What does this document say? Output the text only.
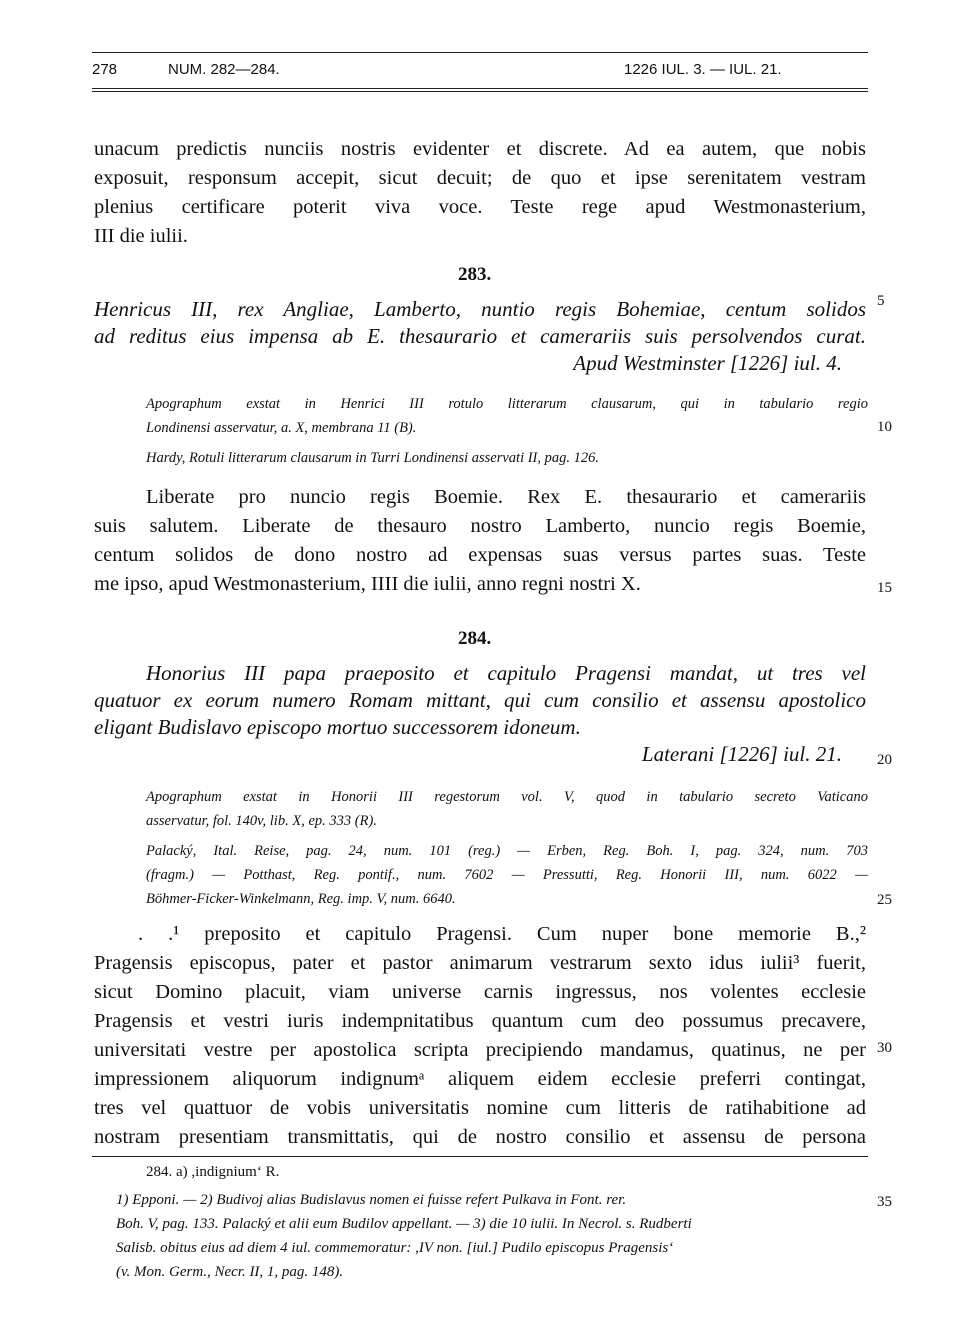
278	NUM. 282—284.	1226 IUL. 3. — IUL. 21.
unacum predictis nunciis nostris evidenter et discrete. Ad ea autem, que nobis
exposuit, responsum accepit, sicut decuit; de quo et ipse serenitatem vestram
plenius certificare poterit viva voce. Teste rege apud Westmonasterium,
III die iulii.
283.
Henricus III, rex Angliae, Lamberto, nuntio regis Bohemiae, centum solidos
ad reditus eius impensa ab E. thesaurario et camerariis suis persolvendos curat.
Apud Westminster [1226] iul. 4.
Apographum exstat in Henrici III rotulo litterarum clausarum, qui in tabulario regio
Londinensi asservatur, a. X, membrana 11 (B).
Hardy, Rotuli litterarum clausarum in Turri Londinensi asservati II, pag. 126.
Liberate pro nuncio regis Boemie. Rex E. thesaurario et camerariis
suis salutem. Liberate de thesauro nostro Lamberto, nuncio regis Boemie,
centum solidos de dono nostro ad expensas suas versus partes suas. Teste
me ipso, apud Westmonasterium, IIII die iulii, anno regni nostri X.
284.
Honorius III papa praeposito et capitulo Pragensi mandat, ut tres vel
quatuor ex eorum numero Romam mittant, qui cum consilio et assensu apostolico
eligant Budislavo episcopo mortuo successorem idoneum.
Laterani [1226] iul. 21.
Apographum exstat in Honorii III regestorum vol. V, quod in tabulario secreto Vaticano
asservatur, fol. 140v, lib. X, ep. 333 (R).
Palacký, Ital. Reise, pag. 24, num. 101 (reg.) — Erben, Reg. Boh. I, pag. 324, num. 703
(fragm.) — Potthast, Reg. pontif., num. 7602 — Pressutti, Reg. Honorii III, num. 6022 —
Böhmer-Ficker-Winkelmann, Reg. imp. V, num. 6640.
. .¹ preposito et capitulo Pragensi. Cum nuper bone memorie B.,²
Pragensis episcopus, pater et pastor animarum vestrarum sexto idus iulii³ fuerit,
sicut Domino placuit, viam universe carnis ingressus, nos volentes ecclesie
Pragensis et vestri iuris indempnitatibus quantum cum deo possumus precavere,
universitati vestre per apostolica scripta precipiendo mandamus, quatinus, ne per
impressionem aliquorum indignumᵃ aliquem eidem ecclesie preferri contingat,
tres vel quattuor de vobis universitatis nomine cum litteris de ratihabitione ad
nostram presentiam transmittatis, qui de nostro consilio et assensu de persona
284. a) ,indignium‘ R.
1) Epponi. — 2) Budivoj alias Budislavus nomen ei fuisse refert Pulkava in Font. rer.
Boh. V, pag. 133. Palacký et alii eum Budilov appellant. — 3) die 10 iulii. In Necrol. s. Rudberti
Salisb. obitus eius ad diem 4 iul. commemoratur: ,IV non. [iul.] Pudilo episcopus Pragensis‘
(v. Mon. Germ., Necr. II, 1, pag. 148).
5
10
15
20
25
30
35
